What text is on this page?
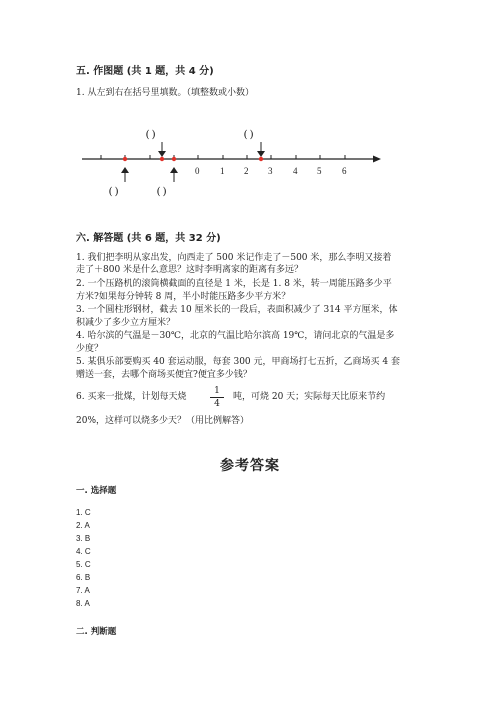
五. 作图题 (共 1 题，共 4 分)
1. 从左到右在括号里填数。（填整数或小数）
( )	( )
0 1 2 3 4 5 6
( )	( )
六. 解答题 (共 6 题，共 32 分)
1. 我们把李明从家出发，向西走了 500 米记作走了－500 米，那么李明又接着
走了＋800 米是什么意思？这时李明离家的距离有多远？
2. 一个压路机的滚筒横截面的直径是 1 米，长是 1. 8 米，转一周能压路多少平
方米?如果每分钟转 8 周，半小时能压路多少平方米？
3. 一个圆柱形钢材，截去 10 厘米长的一段后，表面积减少了 314 平方厘米，体
积减少了多少立方厘米？
4. 哈尔滨的气温是－30℃，北京的气温比哈尔滨高 19℃，请问北京的气温是多
少度？
5. 某俱乐部要购买 40 套运动服，每套 300 元，甲商场打七五折，乙商场买 4 套
赠送一套，去哪个商场买便宜?便宜多少钱？
6. 买来一批煤，计划每天烧
1
4
吨，可烧 20 天；实际每天比原来节约
20%，这样可以烧多少天？（用比例解答）
参考答案
一. 选择题
1. C
2. A
3. B
4. C
5. C
6. B
7. A
8. A
二. 判断题
